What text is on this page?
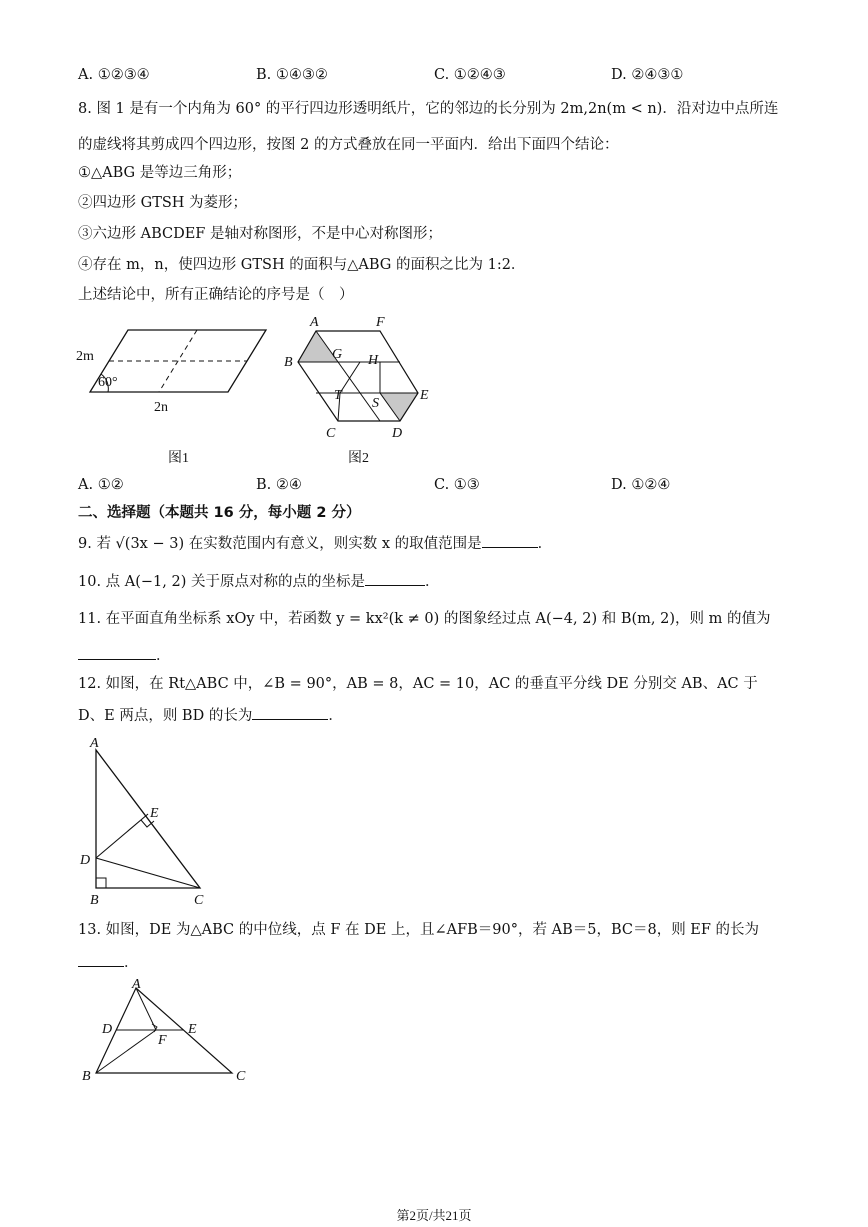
A. ①②③④	B. ①④③②	C. ①②④③	D. ②④③①
8. 图 1 是有一个内角为 60° 的平行四边形透明纸片，它的邻边的长分别为 2m,2n(m < n)．沿对边中点所连
的虚线将其剪成四个四边形，按图 2 的方式叠放在同一平面内．给出下面四个结论：
①△ABG 是等边三角形；
②四边形 GTSH 为菱形；
③六边形 ABCDEF 是轴对称图形，不是中心对称图形；
④存在 m，n，使四边形 GTSH 的面积与△ABG 的面积之比为 1:2．
上述结论中，所有正确结论的序号是（　）
2m
60°
2n
图1
A	F
B
G H
T
S
E
C	D
图2
A. ①②	B. ②④	C. ①③	D. ①②④
二、选择题（本题共 16 分，每小题 2 分）
9. 若 √(3x − 3) 在实数范围内有意义，则实数 x 的取值范围是	．
10. 点 A(−1, 2) 关于原点对称的点的坐标是	．
11. 在平面直角坐标系 xOy 中，若函数 y = kx²(k ≠ 0) 的图象经过点 A(−4, 2) 和 B(m, 2)，则 m 的值为
．
12. 如图，在 Rt△ABC 中，∠B = 90°，AB = 8，AC = 10，AC 的垂直平分线 DE 分别交 AB、AC 于
D、E 两点，则 BD 的长为	．
A
E
D
B	C
13. 如图，DE 为△ABC 的中位线，点 F 在 DE 上，且∠AFB＝90°，若 AB＝5，BC＝8，则 EF 的长为
．
A
D	E
F
B	C
第2页/共21页
